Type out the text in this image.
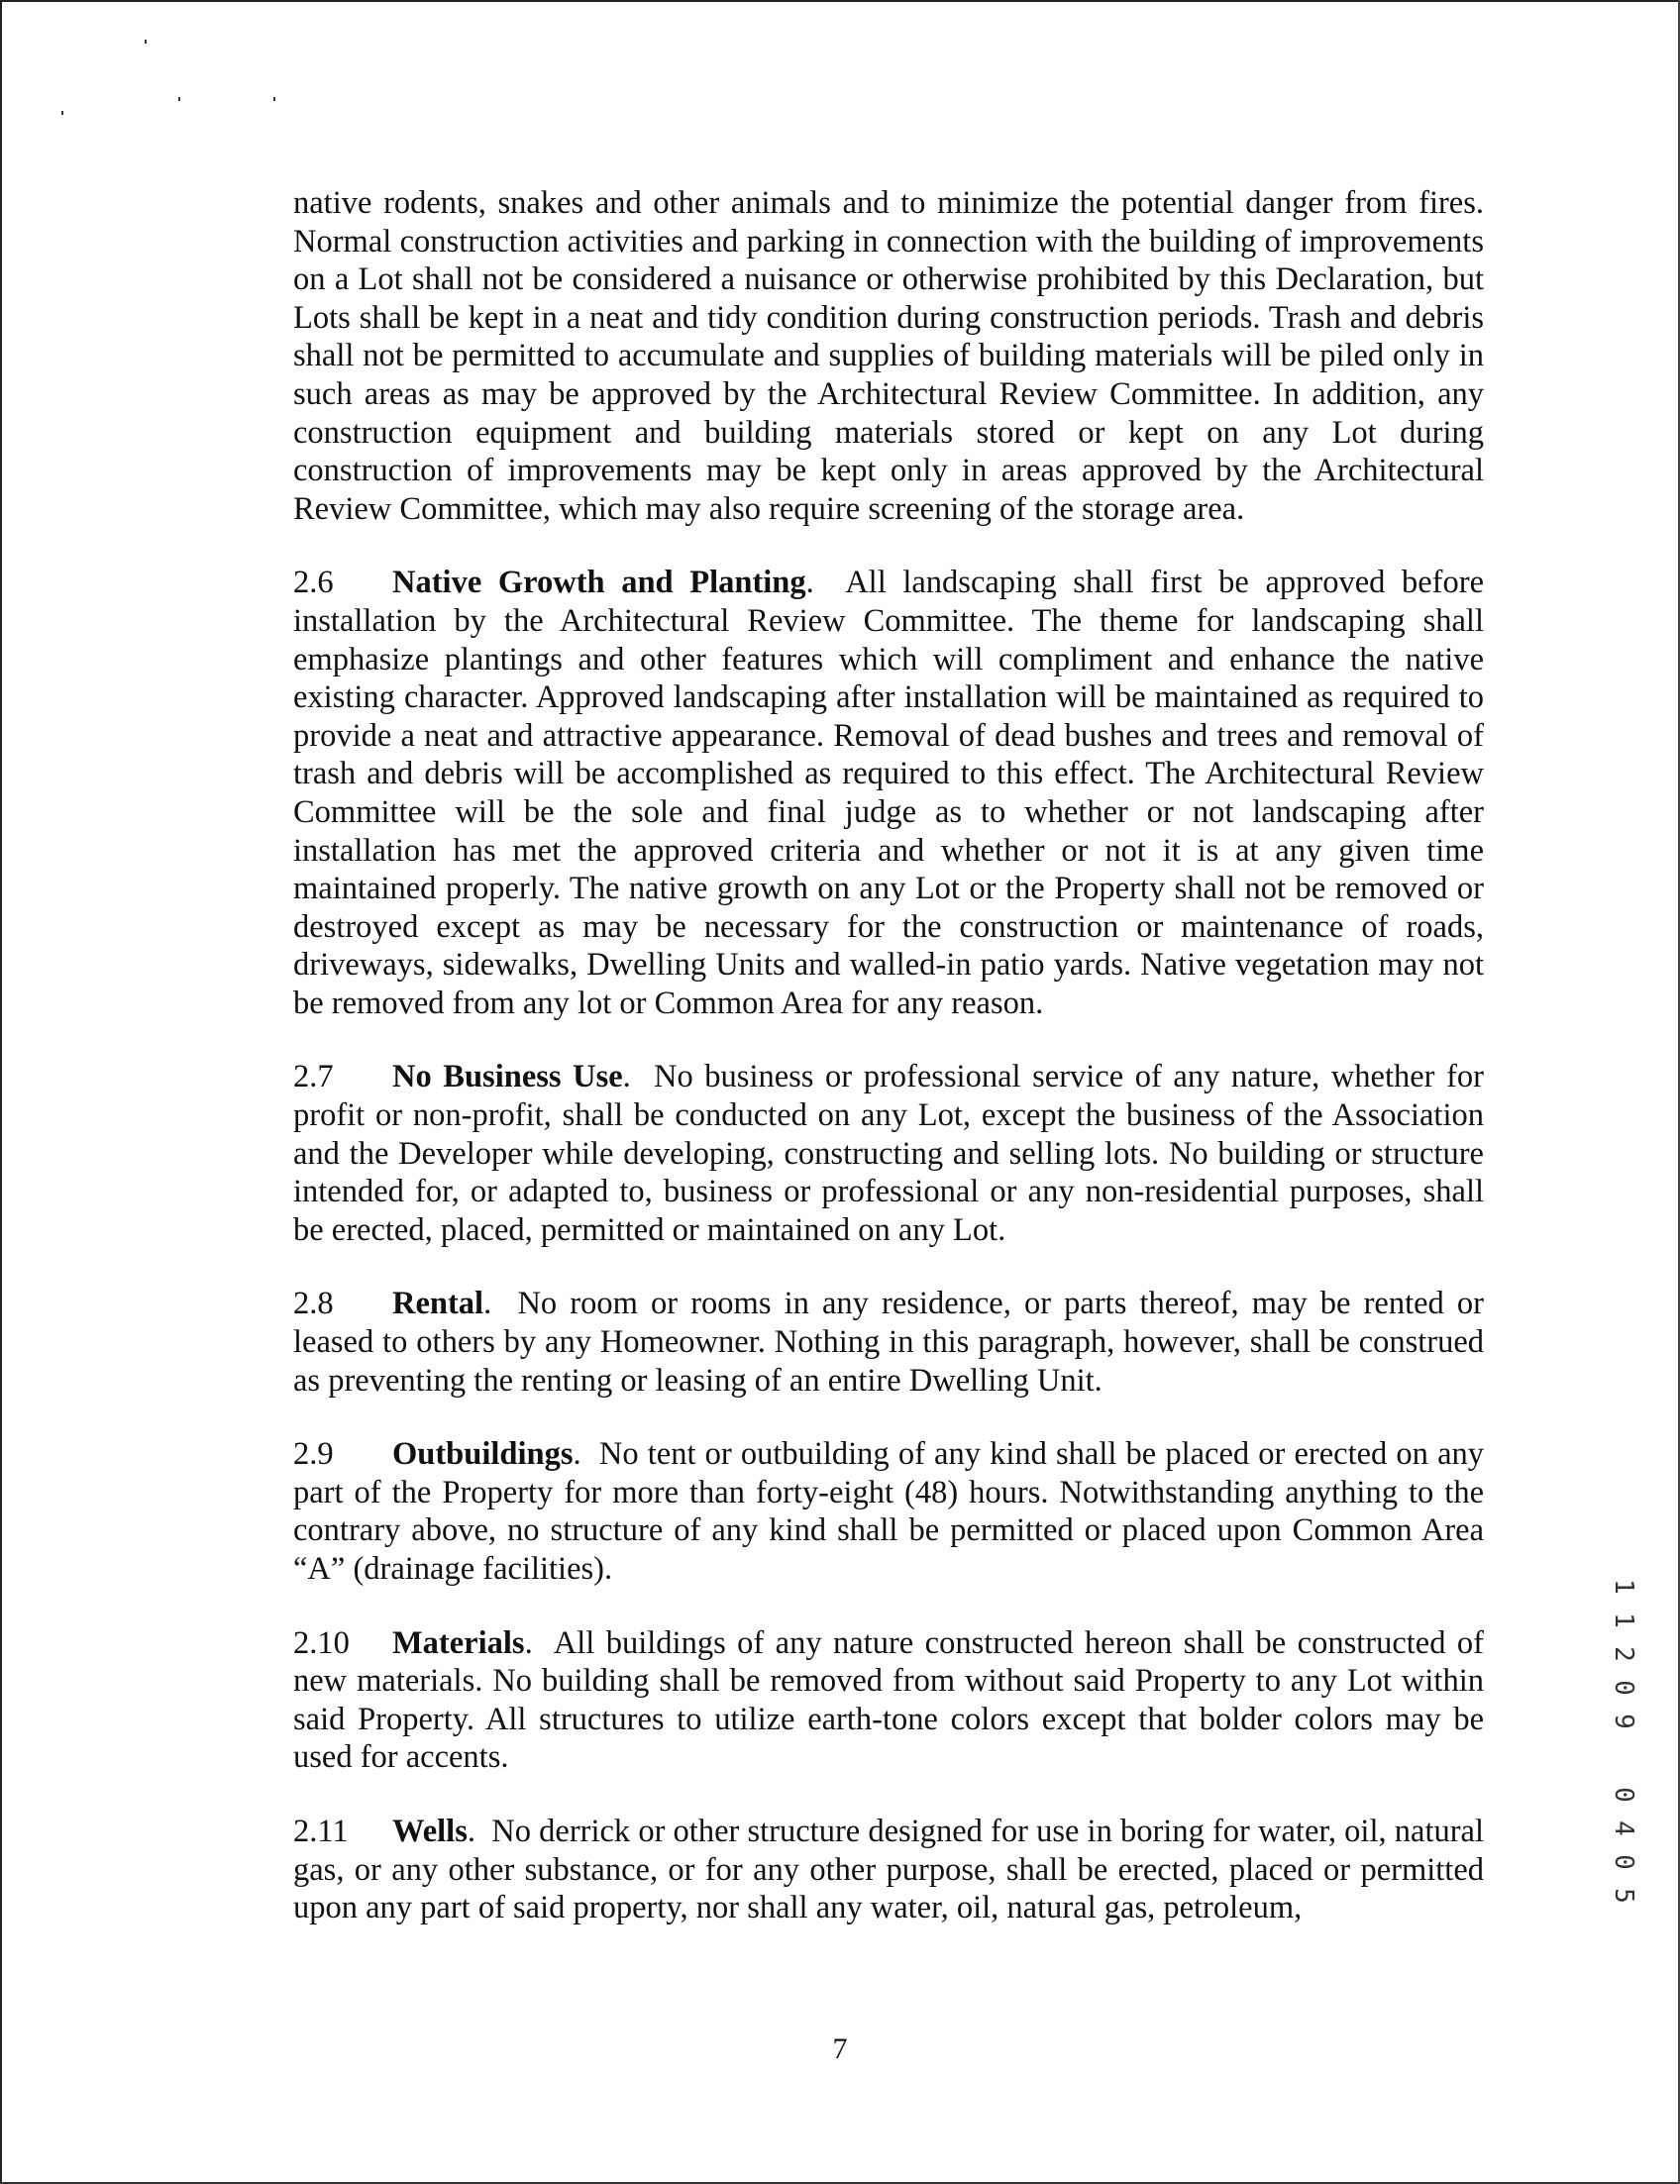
native rodents, snakes and other animals and to minimize the potential danger from fires. Normal construction activities and parking in connection with the building of improvements on a Lot shall not be considered a nuisance or otherwise prohibited by this Declaration, but Lots shall be kept in a neat and tidy condition during construction periods. Trash and debris shall not be permitted to accumulate and supplies of building materials will be piled only in such areas as may be approved by the Architectural Review Committee. In addition, any construction equipment and building materials stored or kept on any Lot during construction of improvements may be kept only in areas approved by the Architectural Review Committee, which may also require screening of the storage area.

2.6 Native Growth and Planting.  All landscaping shall first be approved before installation by the Architectural Review Committee. The theme for landscaping shall emphasize plantings and other features which will compliment and enhance the native existing character. Approved landscaping after installation will be maintained as required to provide a neat and attractive appearance. Removal of dead bushes and trees and removal of trash and debris will be accomplished as required to this effect. The Architectural Review Committee will be the sole and final judge as to whether or not landscaping after installation has met the approved criteria and whether or not it is at any given time maintained properly. The native growth on any Lot or the Property shall not be removed or destroyed except as may be necessary for the construction or maintenance of roads, driveways, sidewalks, Dwelling Units and walled-in patio yards. Native vegetation may not be removed from any lot or Common Area for any reason.

2.7 No Business Use.  No business or professional service of any nature, whether for profit or non-profit, shall be conducted on any Lot, except the business of the Association and the Developer while developing, constructing and selling lots. No building or structure intended for, or adapted to, business or professional or any non-residential purposes, shall be erected, placed, permitted or maintained on any Lot.

2.8 Rental.  No room or rooms in any residence, or parts thereof, may be rented or leased to others by any Homeowner. Nothing in this paragraph, however, shall be construed as preventing the renting or leasing of an entire Dwelling Unit.

2.9 Outbuildings.  No tent or outbuilding of any kind shall be placed or erected on any part of the Property for more than forty-eight (48) hours. Notwithstanding anything to the contrary above, no structure of any kind shall be permitted or placed upon Common Area “A” (drainage facilities).

2.10 Materials.  All buildings of any nature constructed hereon shall be constructed of new materials. No building shall be removed from without said Property to any Lot within said Property. All structures to utilize earth-tone colors except that bolder colors may be used for accents.

2.11 Wells.  No derrick or other structure designed for use in boring for water, oil, natural gas, or any other substance, or for any other purpose, shall be erected, placed or permitted upon any part of said property, nor shall any water, oil, natural gas, petroleum,

1
1
2
0
9
0
4
0
5
7
